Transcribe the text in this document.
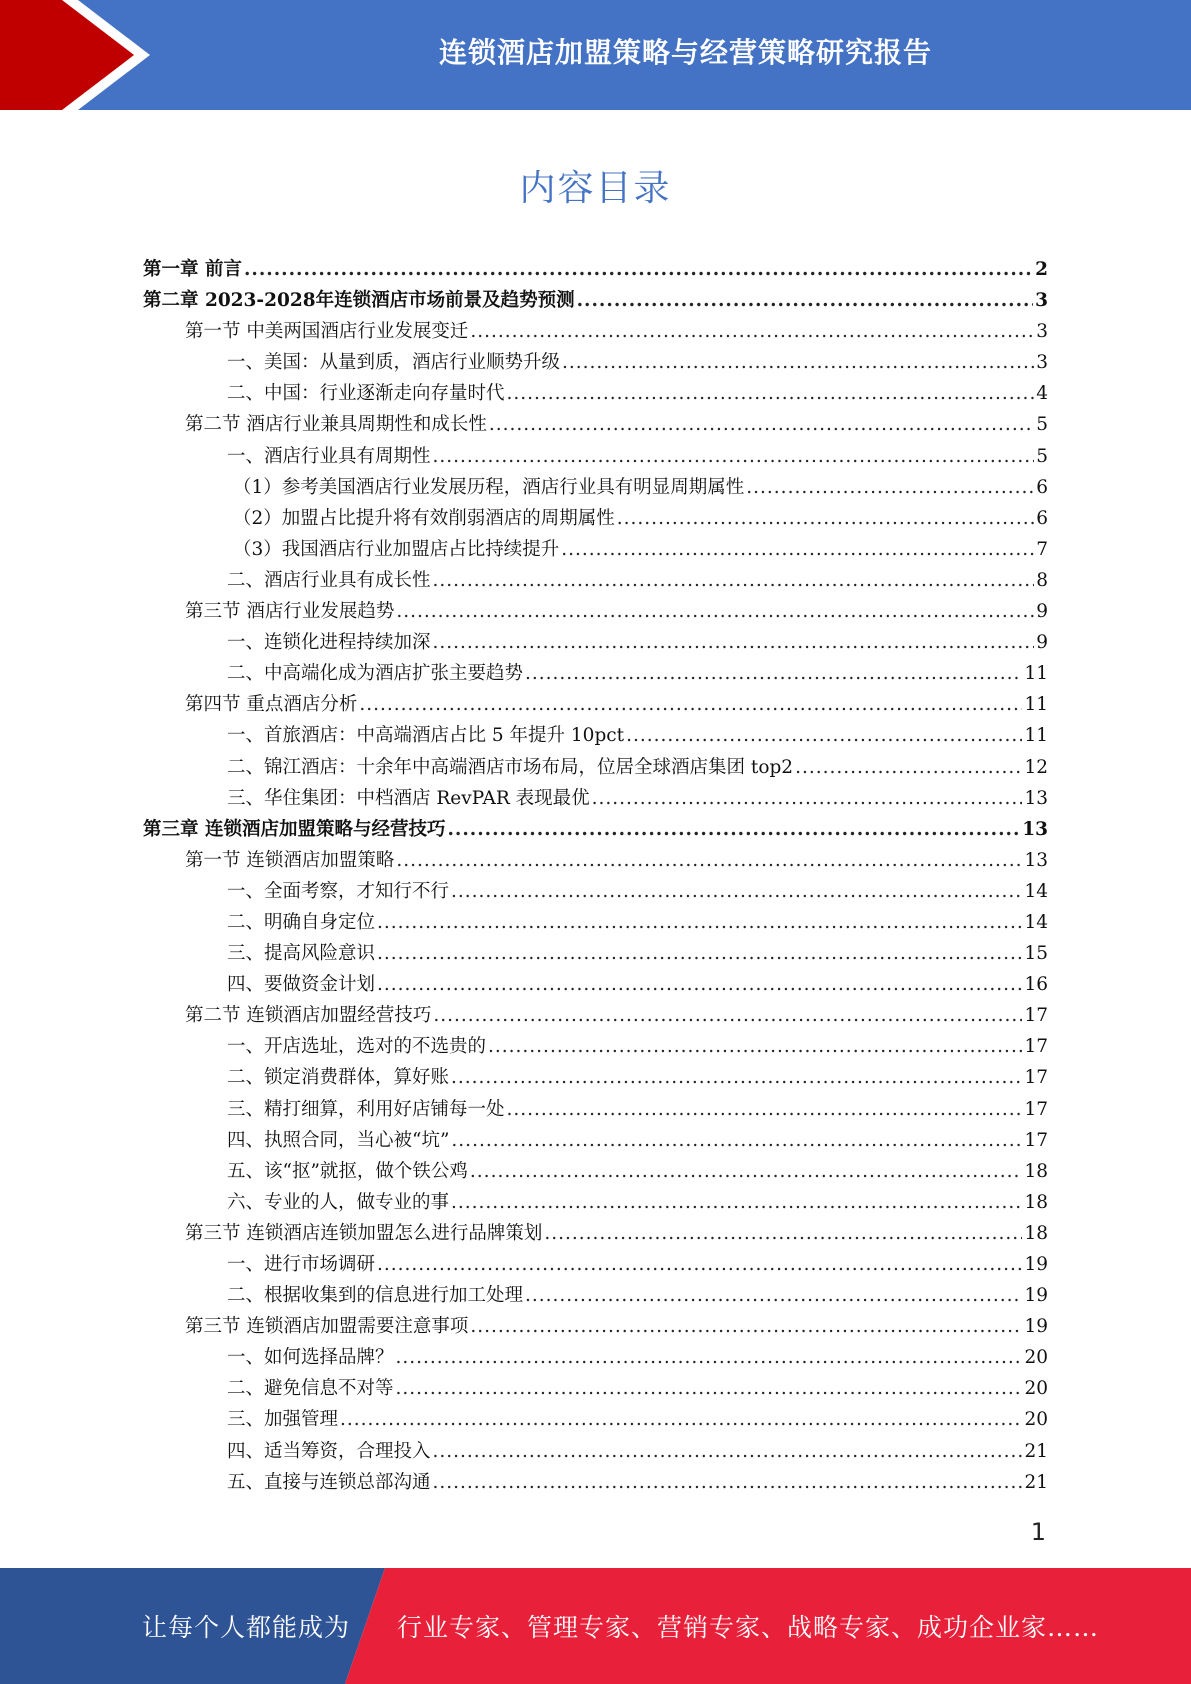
连锁酒店加盟策略与经营策略研究报告
内容目录
第一章 前言 .....	2
第二章 2023-2028年连锁酒店市场前景及趋势预测 .....	3
第一节 中美两国酒店行业发展变迁 .....	3
一、美国：从量到质，酒店行业顺势升级 .....	3
二、中国：行业逐渐走向存量时代 .....	4
第二节 酒店行业兼具周期性和成长性 .....	5
一、酒店行业具有周期性 .....	5
（1）参考美国酒店行业发展历程，酒店行业具有明显周期属性 .....	6
（2）加盟占比提升将有效削弱酒店的周期属性 .....	6
（3）我国酒店行业加盟店占比持续提升 .....	7
二、酒店行业具有成长性 .....	8
第三节 酒店行业发展趋势 .....	9
一、连锁化进程持续加深 .....	9
二、中高端化成为酒店扩张主要趋势 .....	11
第四节 重点酒店分析 .....	11
一、首旅酒店：中高端酒店占比 5 年提升 10pct .....	11
二、锦江酒店：十余年中高端酒店市场布局，位居全球酒店集团 top2 .....	12
三、华住集团：中档酒店 RevPAR 表现最优 .....	13
第三章 连锁酒店加盟策略与经营技巧 .....	13
第一节 连锁酒店加盟策略 .....	13
一、全面考察，才知行不行 .....	14
二、明确自身定位 .....	14
三、提高风险意识 .....	15
四、要做资金计划 .....	16
第二节 连锁酒店加盟经营技巧 .....	17
一、开店选址，选对的不选贵的 .....	17
二、锁定消费群体，算好账 .....	17
三、精打细算，利用好店铺每一处 .....	17
四、执照合同，当心被“坑” .....	17
五、该“抠”就抠，做个铁公鸡 .....	18
六、专业的人，做专业的事 .....	18
第三节 连锁酒店连锁加盟怎么进行品牌策划 .....	18
一、进行市场调研 .....	19
二、根据收集到的信息进行加工处理 .....	19
第三节 连锁酒店加盟需要注意事项 .....	19
一、如何选择品牌？ .....	20
二、避免信息不对等 .....	20
三、加强管理 .....	20
四、适当筹资，合理投入 .....	21
五、直接与连锁总部沟通 .....	21
1
让每个人都能成为 行业专家、管理专家、营销专家、战略专家、成功企业家……
